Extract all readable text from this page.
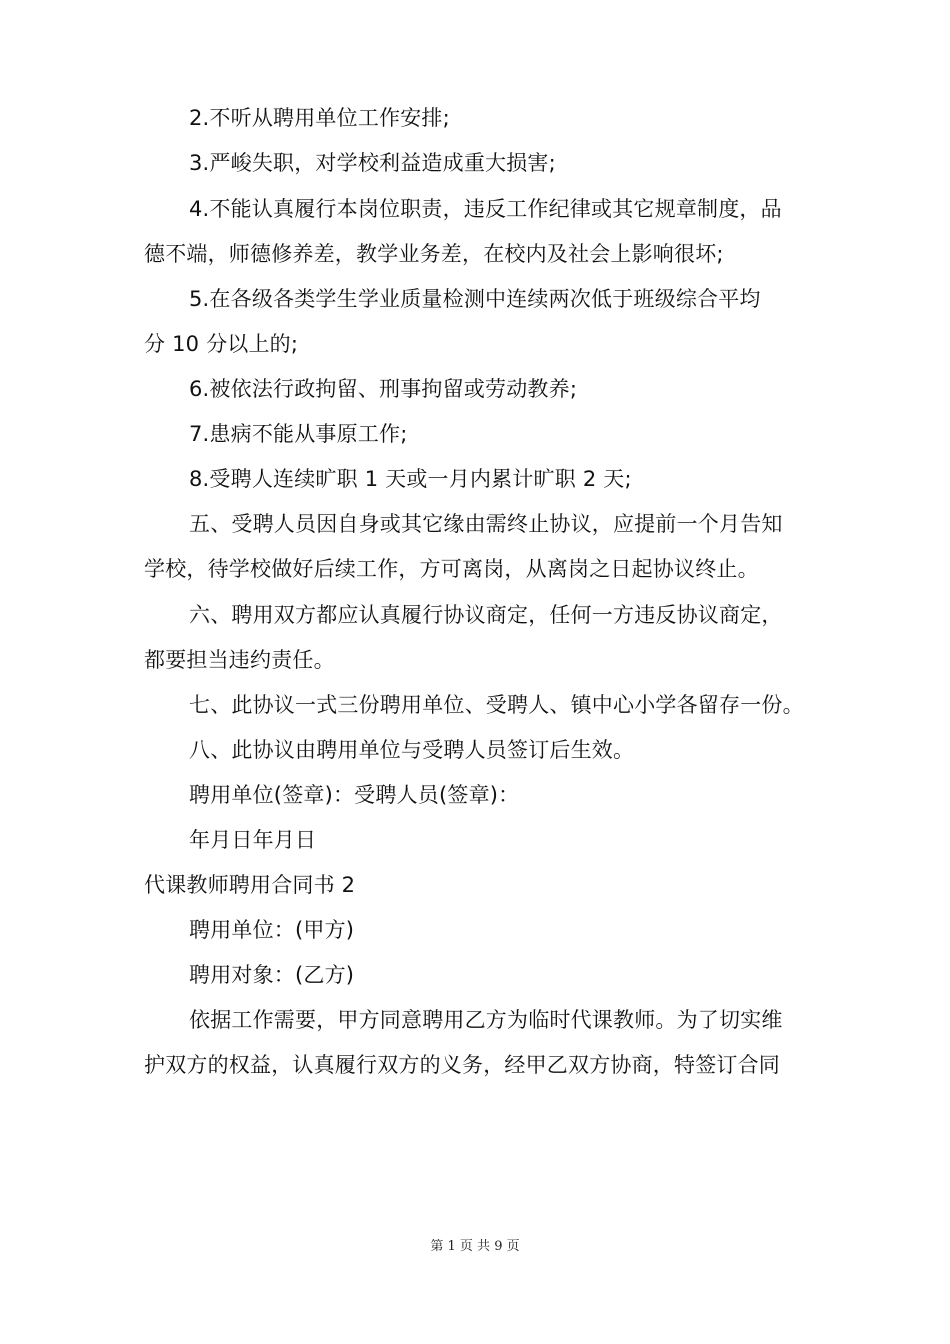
2.不听从聘用单位工作安排;
3.严峻失职，对学校利益造成重大损害;
4.不能认真履行本岗位职责，违反工作纪律或其它规章制度，品
德不端，师德修养差，教学业务差，在校内及社会上影响很坏;
5.在各级各类学生学业质量检测中连续两次低于班级综合平均
分 10 分以上的;
6.被依法行政拘留、刑事拘留或劳动教养;
7.患病不能从事原工作;
8.受聘人连续旷职 1 天或一月内累计旷职 2 天;
五、受聘人员因自身或其它缘由需终止协议，应提前一个月告知
学校，待学校做好后续工作，方可离岗，从离岗之日起协议终止。
六、聘用双方都应认真履行协议商定，任何一方违反协议商定，
都要担当违约责任。
七、此协议一式三份聘用单位、受聘人、镇中心小学各留存一份。
八、此协议由聘用单位与受聘人员签订后生效。
聘用单位(签章)：受聘人员(签章)：
年月日年月日
代课教师聘用合同书 2
聘用单位：(甲方)
聘用对象：(乙方)
依据工作需要，甲方同意聘用乙方为临时代课教师。为了切实维
护双方的权益，认真履行双方的义务，经甲乙双方协商，特签订合同
第 1 页 共 9 页
